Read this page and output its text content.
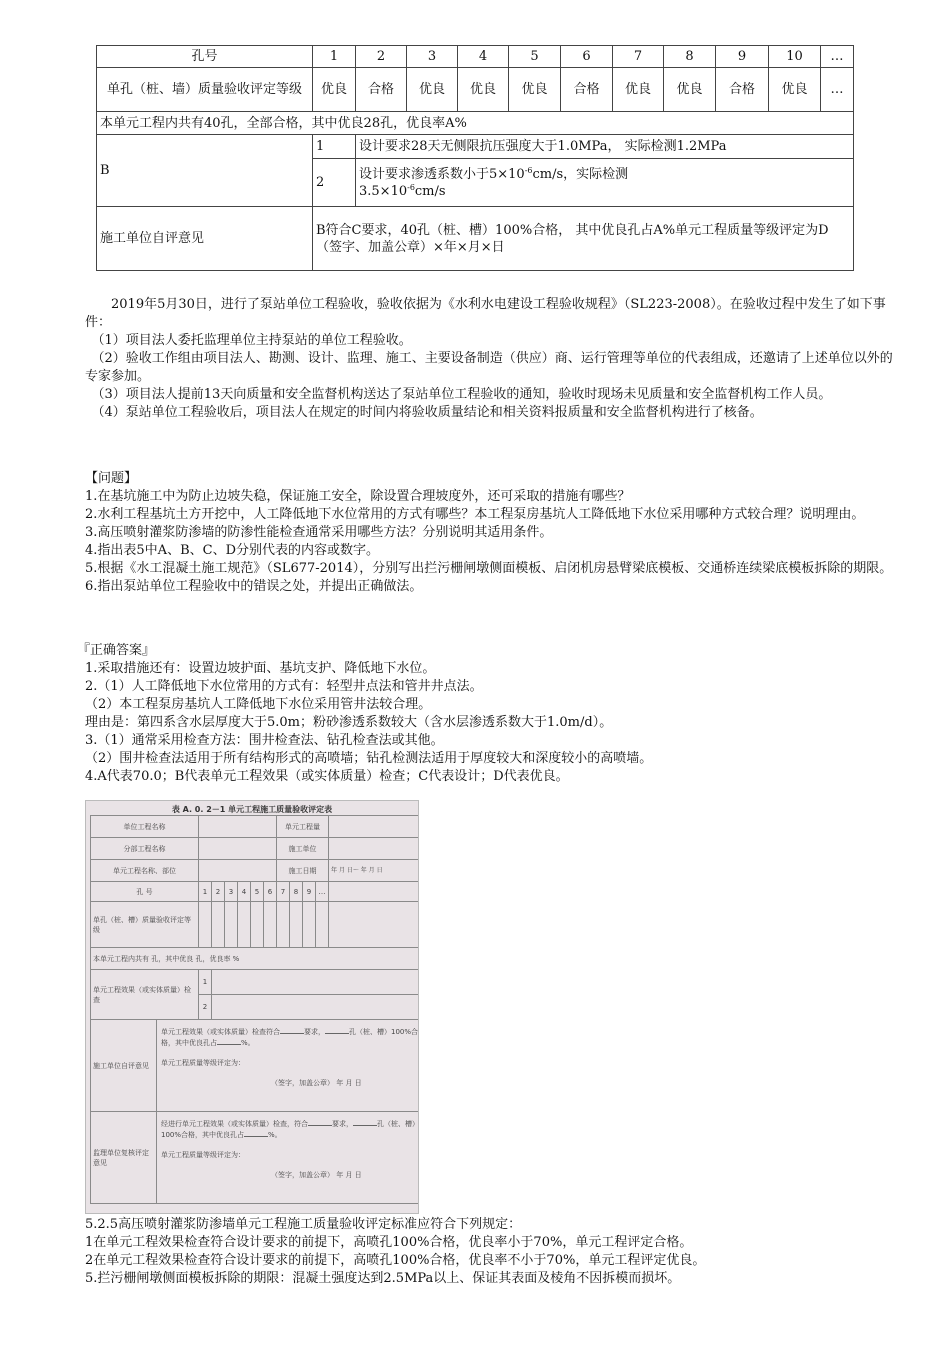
孔号	1	2	3	4	5	6	7	8	9	10	…
单孔（桩、墙）质量验收评定等级	优良	合格	优良	优良	优良	合格	优良	优良	合格	优良	…
本单元工程内共有40孔，全部合格，其中优良28孔，优良率A%											
B	1	设计要求28天无侧限抗压强度大于1.0MPa， 实际检测1.2MPa									
	2	设计要求渗透系数小于$5\times 10^{-6}cm/s$，实际检测
$3.5\times 10^{-6}cm/s$									
施工单位自评意见	B符合C要求，40孔（桩、槽）100%合格， 其中优良孔占A%单元工程质量等级评定为D
（签字、加盖公章）×年×月×日										

2019年5月30日，进行了泵站单位工程验收，验收依据为《水利水电建设工程验收规程》（SL223-2008）。在验收过程中发生了如下事件：

（1）项目法人委托监理单位主持泵站的单位工程验收。

（2）验收工作组由项目法人、勘测、设计、监理、施工、主要设备制造（供应）商、运行管理等单位的代表组成，还邀请了上述单位以外的专家参加。

（3）项目法人提前13天向质量和安全监督机构送达了泵站单位工程验收的通知，验收时现场未见质量和安全监督机构工作人员。

（4）泵站单位工程验收后，项目法人在规定的时间内将验收质量结论和相关资料报质量和安全监督机构进行了核备。

【问题】

1.在基坑施工中为防止边坡失稳，保证施工安全，除设置合理坡度外，还可采取的措施有哪些？

2.水利工程基坑土方开挖中，人工降低地下水位常用的方式有哪些？本工程泵房基坑人工降低地下水位采用哪种方式较合理？说明理由。

3.高压喷射灌浆防渗墙的防渗性能检查通常采用哪些方法？分别说明其适用条件。

4.指出表5中A、B、C、D分别代表的内容或数字。

5.根据《水工混凝土施工规范》（SL677-2014），分别写出拦污栅闸墩侧面模板、启闭机房悬臂梁底模板、交通桥连续梁底模板拆除的期限。

6.指出泵站单位工程验收中的错误之处，并提出正确做法。

『正确答案』

1.采取措施还有：设置边坡护面、基坑支护、降低地下水位。

2.（1）人工降低地下水位常用的方式有：轻型井点法和管井井点法。

（2）本工程泵房基坑人工降低地下水位采用管井法较合理。

理由是：第四系含水层厚度大于5.0m；粉砂渗透系数较大（含水层渗透系数大于1.0m/d）。

3.（1）通常采用检查方法：围井检查法、钻孔检查法或其他。

（2）围井检查法适用于所有结构形式的高喷墙；钻孔检测法适用于厚度较大和深度较小的高喷墙。

4.A代表70.0；B代表单元工程效果（或实体质量）检查；C代表设计；D代表优良。

表 A. 0. 2－1 单元工程施工质量验收评定表
单位工程名称								单元工程量				
分部工程名称								施工单位				
单元工程名称、部位								施工日期				年 月 日～ 年 月 日
孔 号		1	2	3	4	5	6	7	8	9	…	
单孔（桩、槽）质量验收评定等级												
本单元工程内共有 孔，其中优良 孔，优良率 %												
单元工程效果（或实体质量）检查		1										
		2										
施工单位自评意见	单元工程效果（或实体质量）检查符合 要求， 孔（桩、槽）100%合格，其中优良孔占 %。

单元工程质量等级评定为：

（签字，加盖公章） 年 月 日											
监理单位复核评定意见	经进行单元工程效果（或实体质量）检查，符合 要求， 孔（桩、槽）100%合格，其中优良孔占 %。

单元工程质量等级评定为：

（签字，加盖公章） 年 月 日											

5.2.5高压喷射灌浆防渗墙单元工程施工质量验收评定标准应符合下列规定：

1在单元工程效果检查符合设计要求的前提下，高喷孔100%合格，优良率小于70%，单元工程评定合格。

2在单元工程效果检查符合设计要求的前提下，高喷孔100%合格，优良率不小于70%，单元工程评定优良。

5.拦污栅闸墩侧面模板拆除的期限：混凝土强度达到2.5MPa以上、保证其表面及棱角不因拆模而损坏。
